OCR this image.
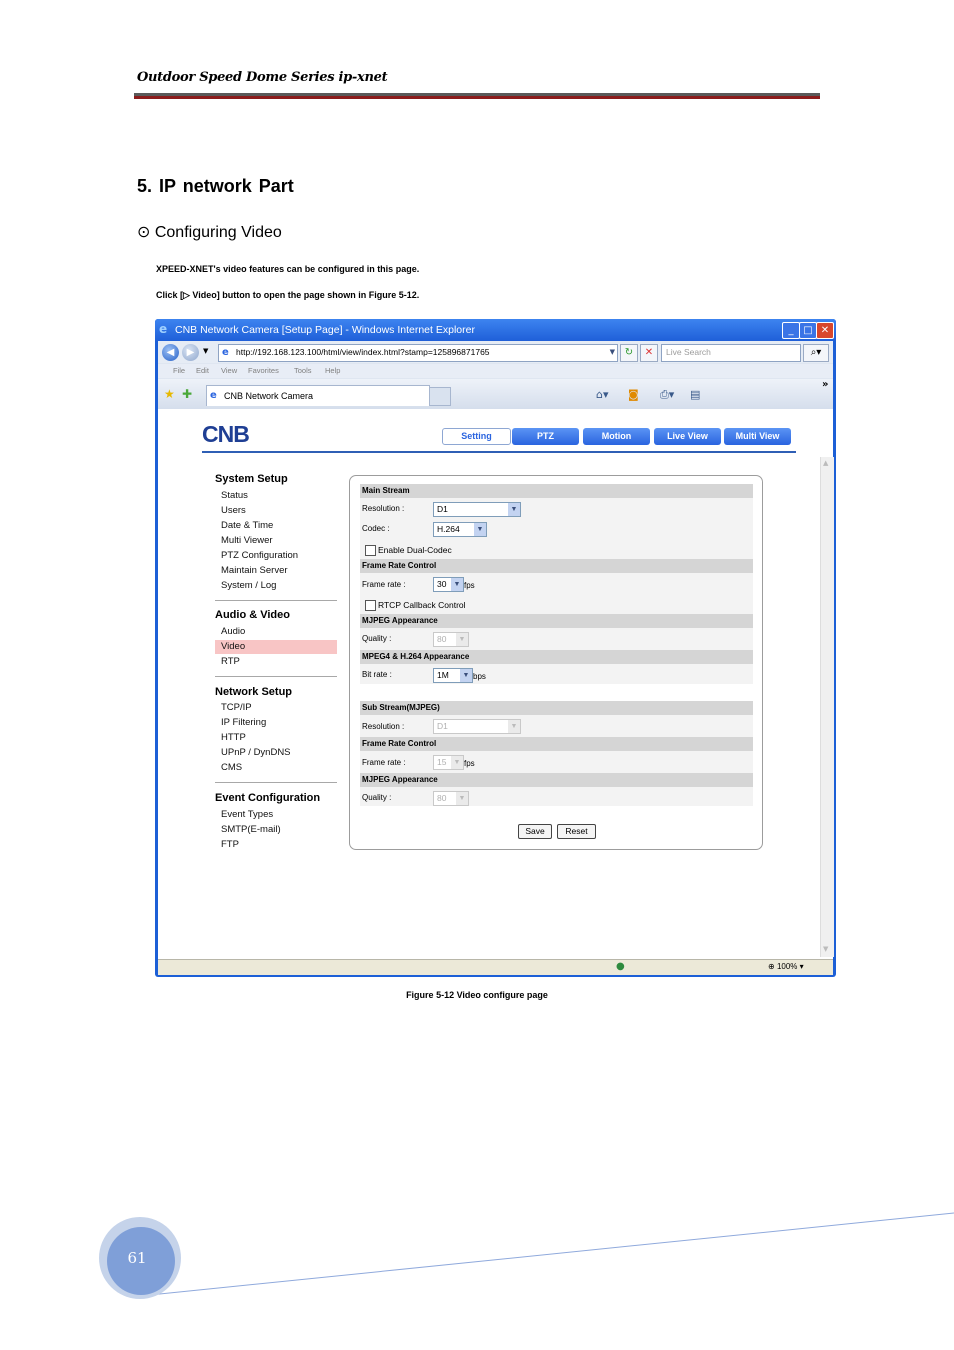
Outdoor Speed Dome Series ip-xnet
5. IP network Part
⊙ Configuring Video
XPEED-XNET's video features can be configured in this page.
Click [▷ Video] button to open the page shown in Figure 5-12.
e CNB Network Camera [Setup Page] - Windows Internet Explorer	_ □ ✕
◀	▶	▼ e http://192.168.123.100/html/view/index.html?stamp=125896871765	▼ ↻	✕	Live Search	⌕▾
File Edit View Favorites Tools Help
★ ✚ e CNB Network Camera	⌂▾ ◙ ⎙▾ ▤
»
CNB	Setting	PTZ	Motion	Live View	Multi View
System Setup
Status
Users
Date & Time
Multi Viewer
PTZ Configuration
Maintain Server
System / Log
Audio & Video
Audio
Video
RTP
Network Setup
TCP/IP
IP Filtering
HTTP
UPnP / DynDNS
CMS
Event Configuration
Event Types
SMTP(E-mail)
FTP
Main Stream
Resolution :	D1	▼
Codec :	H.264	▼
Enable Dual-Codec
Frame Rate Control
Frame rate :	30	▼ fps
RTCP Callback Control
MJPEG Appearance
Quality :	80	▼
MPEG4 & H.264 Appearance
Bit rate :	1M	▼ bps
Sub Stream(MJPEG)
Resolution :	D1	▼
Frame Rate Control
Frame rate :	15	▼ fps
MJPEG Appearance
Quality :	80	▼
Save	Reset
▲
▼
●	⊕ 100% ▾
Figure 5-12 Video configure page
61
